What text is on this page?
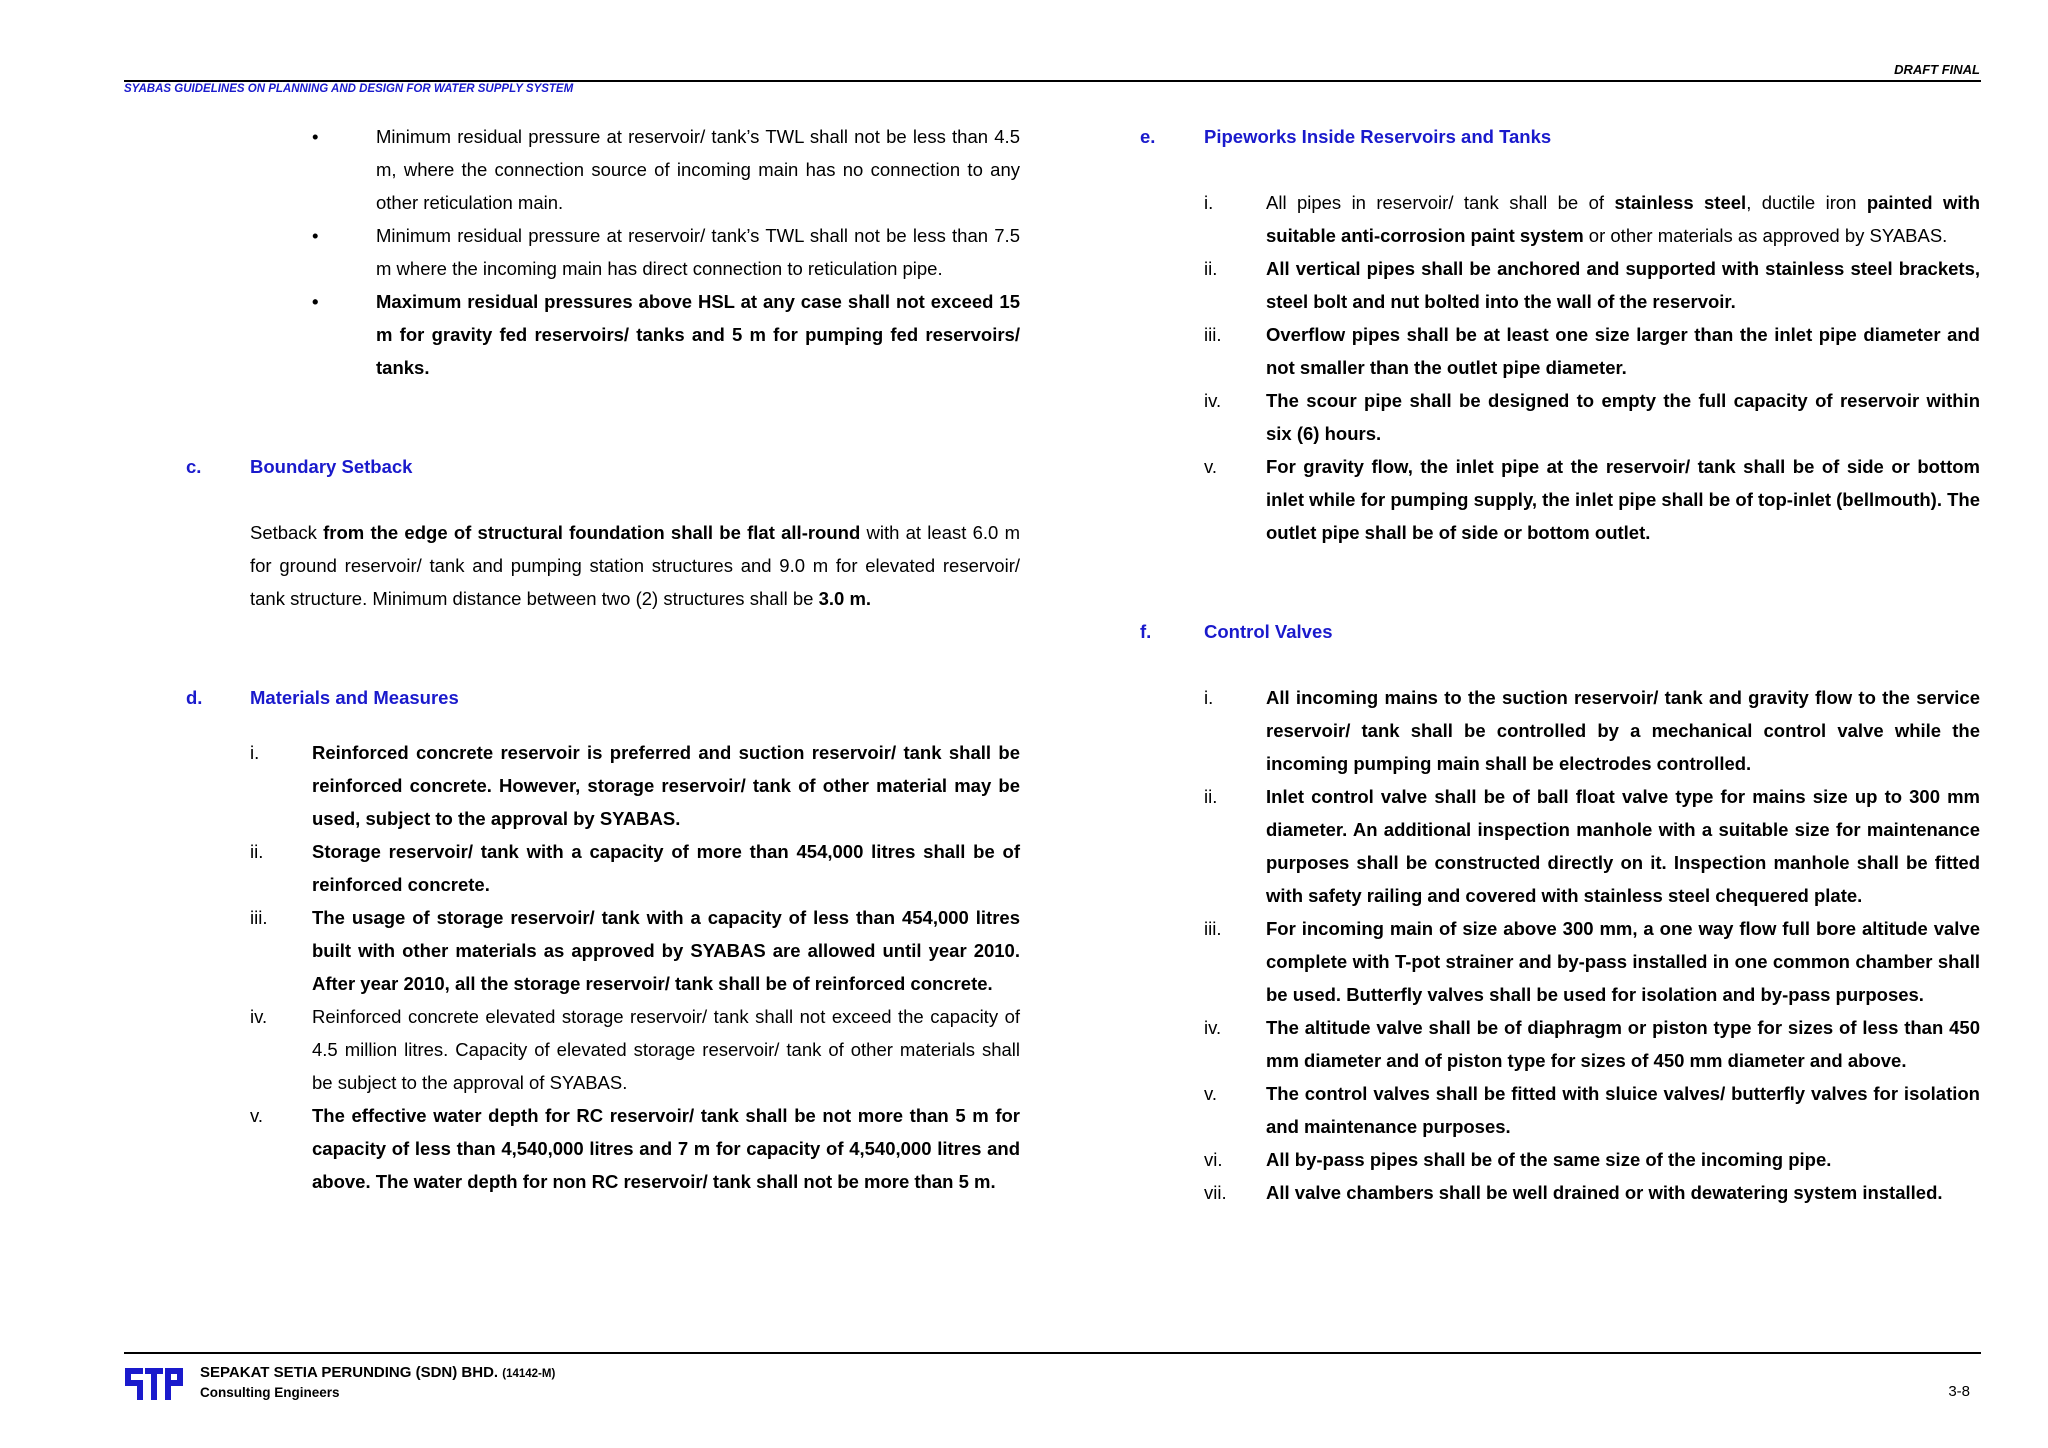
DRAFT FINAL
SYABAS GUIDELINES ON PLANNING AND DESIGN FOR WATER SUPPLY SYSTEM
•	Minimum residual pressure at reservoir/ tank’s TWL shall not be less than 4.5 m, where the connection source of incoming main has no connection to any other reticulation main.
•	Minimum residual pressure at reservoir/ tank’s TWL shall not be less than 7.5 m where the incoming main has direct connection to reticulation pipe.
•	Maximum residual pressures above HSL at any case shall not exceed 15 m for gravity fed reservoirs/ tanks and 5 m for pumping fed reservoirs/ tanks.
c.	Boundary Setback
Setback from the edge of structural foundation shall be flat all-round with at least 6.0 m for ground reservoir/ tank and pumping station structures and 9.0 m for elevated reservoir/ tank structure. Minimum distance between two (2) structures shall be 3.0 m.
d.	Materials and Measures
i.	Reinforced concrete reservoir is preferred and suction reservoir/ tank shall be reinforced concrete. However, storage reservoir/ tank of other material may be used, subject to the approval by SYABAS.
ii.	Storage reservoir/ tank with a capacity of more than 454,000 litres shall be of reinforced concrete.
iii. The usage of storage reservoir/ tank with a capacity of less than 454,000 litres built with other materials as approved by SYABAS are allowed until year 2010. After year 2010, all the storage reservoir/ tank shall be of reinforced concrete.
iv. Reinforced concrete elevated storage reservoir/ tank shall not exceed the capacity of 4.5 million litres. Capacity of elevated storage reservoir/ tank of other materials shall be subject to the approval of SYABAS.
v.	The effective water depth for RC reservoir/ tank shall be not more than 5 m for capacity of less than 4,540,000 litres and 7 m for capacity of 4,540,000 litres and above. The water depth for non RC reservoir/ tank shall not be more than 5 m.
e.	Pipeworks Inside Reservoirs and Tanks
i.	All pipes in reservoir/ tank shall be of stainless steel, ductile iron painted with suitable anti-corrosion paint system or other materials as approved by SYABAS.
ii.	All vertical pipes shall be anchored and supported with stainless steel brackets, steel bolt and nut bolted into the wall of the reservoir.
iii. Overflow pipes shall be at least one size larger than the inlet pipe diameter and not smaller than the outlet pipe diameter.
iv. The scour pipe shall be designed to empty the full capacity of reservoir within six (6) hours.
v.	For gravity flow, the inlet pipe at the reservoir/ tank shall be of side or bottom inlet while for pumping supply, the inlet pipe shall be of top-inlet (bellmouth). The outlet pipe shall be of side or bottom outlet.
f.	Control Valves
i.	All incoming mains to the suction reservoir/ tank and gravity flow to the service reservoir/ tank shall be controlled by a mechanical control valve while the incoming pumping main shall be electrodes controlled.
ii.	Inlet control valve shall be of ball float valve type for mains size up to 300 mm diameter. An additional inspection manhole with a suitable size for maintenance purposes shall be constructed directly on it. Inspection manhole shall be fitted with safety railing and covered with stainless steel chequered plate.
iii. For incoming main of size above 300 mm, a one way flow full bore altitude valve complete with T-pot strainer and by-pass installed in one common chamber shall be used. Butterfly valves shall be used for isolation and by-pass purposes.
iv. The altitude valve shall be of diaphragm or piston type for sizes of less than 450 mm diameter and of piston type for sizes of 450 mm diameter and above.
v.	The control valves shall be fitted with sluice valves/ butterfly valves for isolation and maintenance purposes.
vi. All by-pass pipes shall be of the same size of the incoming pipe.
vii. All valve chambers shall be well drained or with dewatering system installed.
SEPAKAT SETIA PERUNDING (SDN) BHD. (14142-M)
Consulting Engineers	3-8
